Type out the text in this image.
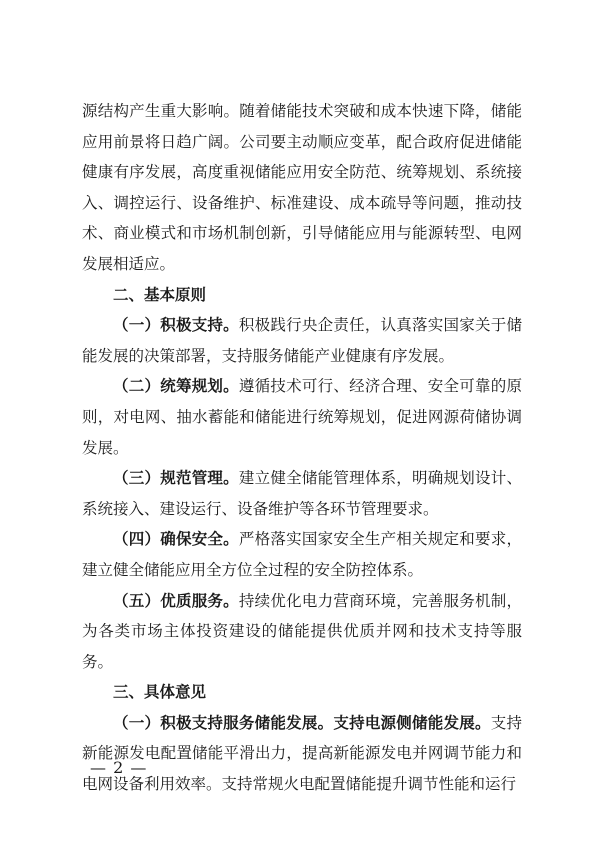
源结构产生重大影响。随着储能技术突破和成本快速下降，储能应用前景将日趋广阔。公司要主动顺应变革，配合政府促进储能健康有序发展，高度重视储能应用安全防范、统筹规划、系统接入、调控运行、设备维护、标准建设、成本疏导等问题，推动技术、商业模式和市场机制创新，引导储能应用与能源转型、电网发展相适应。

二、基本原则

（一）积极支持。积极践行央企责任，认真落实国家关于储能发展的决策部署，支持服务储能产业健康有序发展。

（二）统筹规划。遵循技术可行、经济合理、安全可靠的原则，对电网、抽水蓄能和储能进行统筹规划，促进网源荷储协调发展。

（三）规范管理。建立健全储能管理体系，明确规划设计、系统接入、建设运行、设备维护等各环节管理要求。

（四）确保安全。严格落实国家安全生产相关规定和要求，建立健全储能应用全方位全过程的安全防控体系。

（五）优质服务。持续优化电力营商环境，完善服务机制，为各类市场主体投资建设的储能提供优质并网和技术支持等服务。

三、具体意见

（一）积极支持服务储能发展。支持电源侧储能发展。支持新能源发电配置储能平滑出力，提高新能源发电并网调节能力和电网设备利用效率。支持常规火电配置储能提升调节性能和运行

— 2 —
